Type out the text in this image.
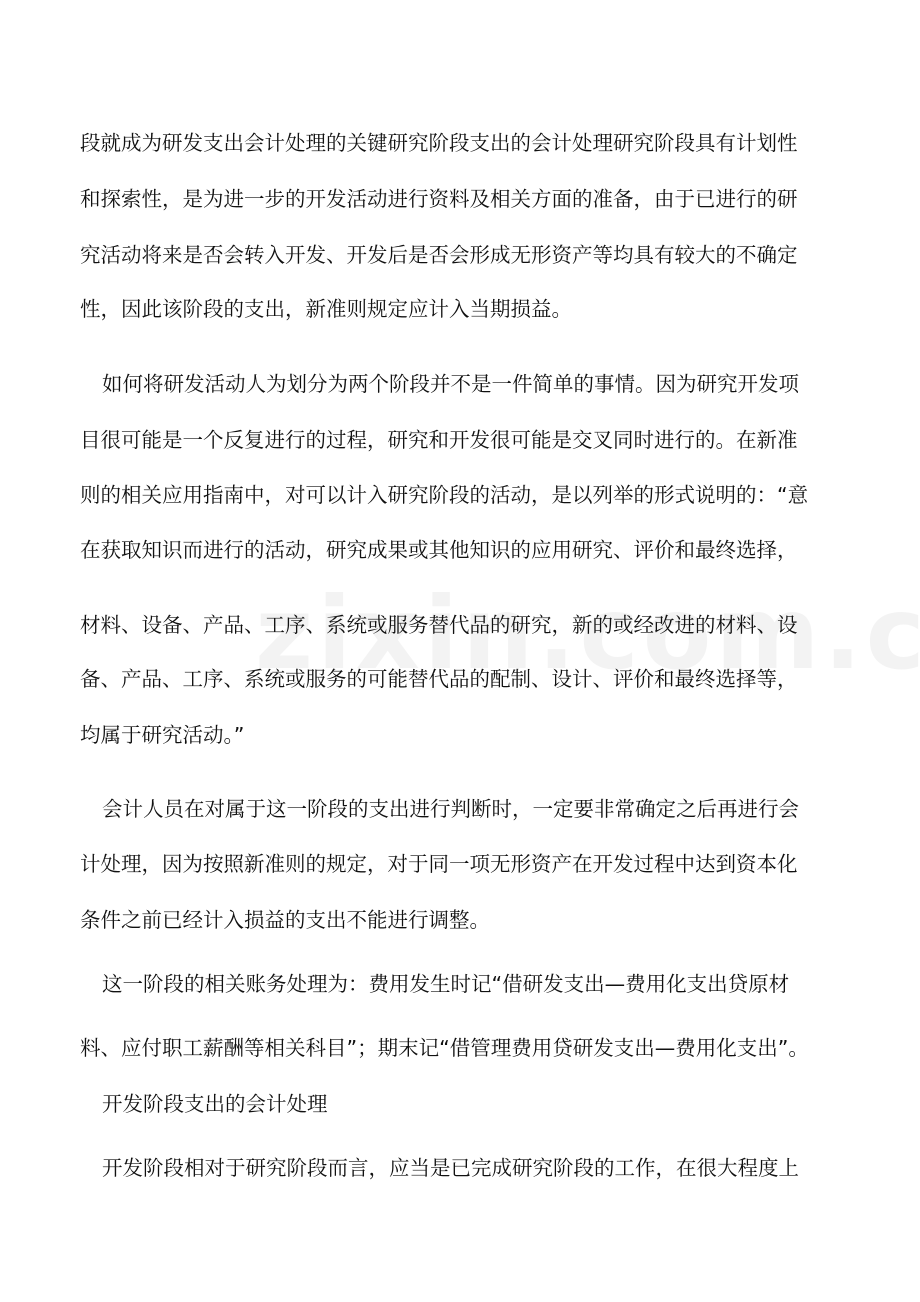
段就成为研发支出会计处理的关键研究阶段支出的会计处理研究阶段具有计划性
和探索性，是为进一步的开发活动进行资料及相关方面的准备，由于已进行的研
究活动将来是否会转入开发、开发后是否会形成无形资产等均具有较大的不确定
性，因此该阶段的支出，新准则规定应计入当期损益。
如何将研发活动人为划分为两个阶段并不是一件简单的事情。因为研究开发项
目很可能是一个反复进行的过程，研究和开发很可能是交叉同时进行的。在新准
则的相关应用指南中，对可以计入研究阶段的活动，是以列举的形式说明的：“意
在获取知识而进行的活动，研究成果或其他知识的应用研究、评价和最终选择，
材料、设备、产品、工序、系统或服务替代品的研究，新的或经改进的材料、设
备、产品、工序、系统或服务的可能替代品的配制、设计、评价和最终选择等，
均属于研究活动。”
会计人员在对属于这一阶段的支出进行判断时，一定要非常确定之后再进行会
计处理，因为按照新准则的规定，对于同一项无形资产在开发过程中达到资本化
条件之前已经计入损益的支出不能进行调整。
这一阶段的相关账务处理为：费用发生时记“借研发支出—费用化支出贷原材
料、应付职工薪酬等相关科目”；期末记“借管理费用贷研发支出—费用化支出”。
开发阶段支出的会计处理
开发阶段相对于研究阶段而言，应当是已完成研究阶段的工作，在很大程度上
